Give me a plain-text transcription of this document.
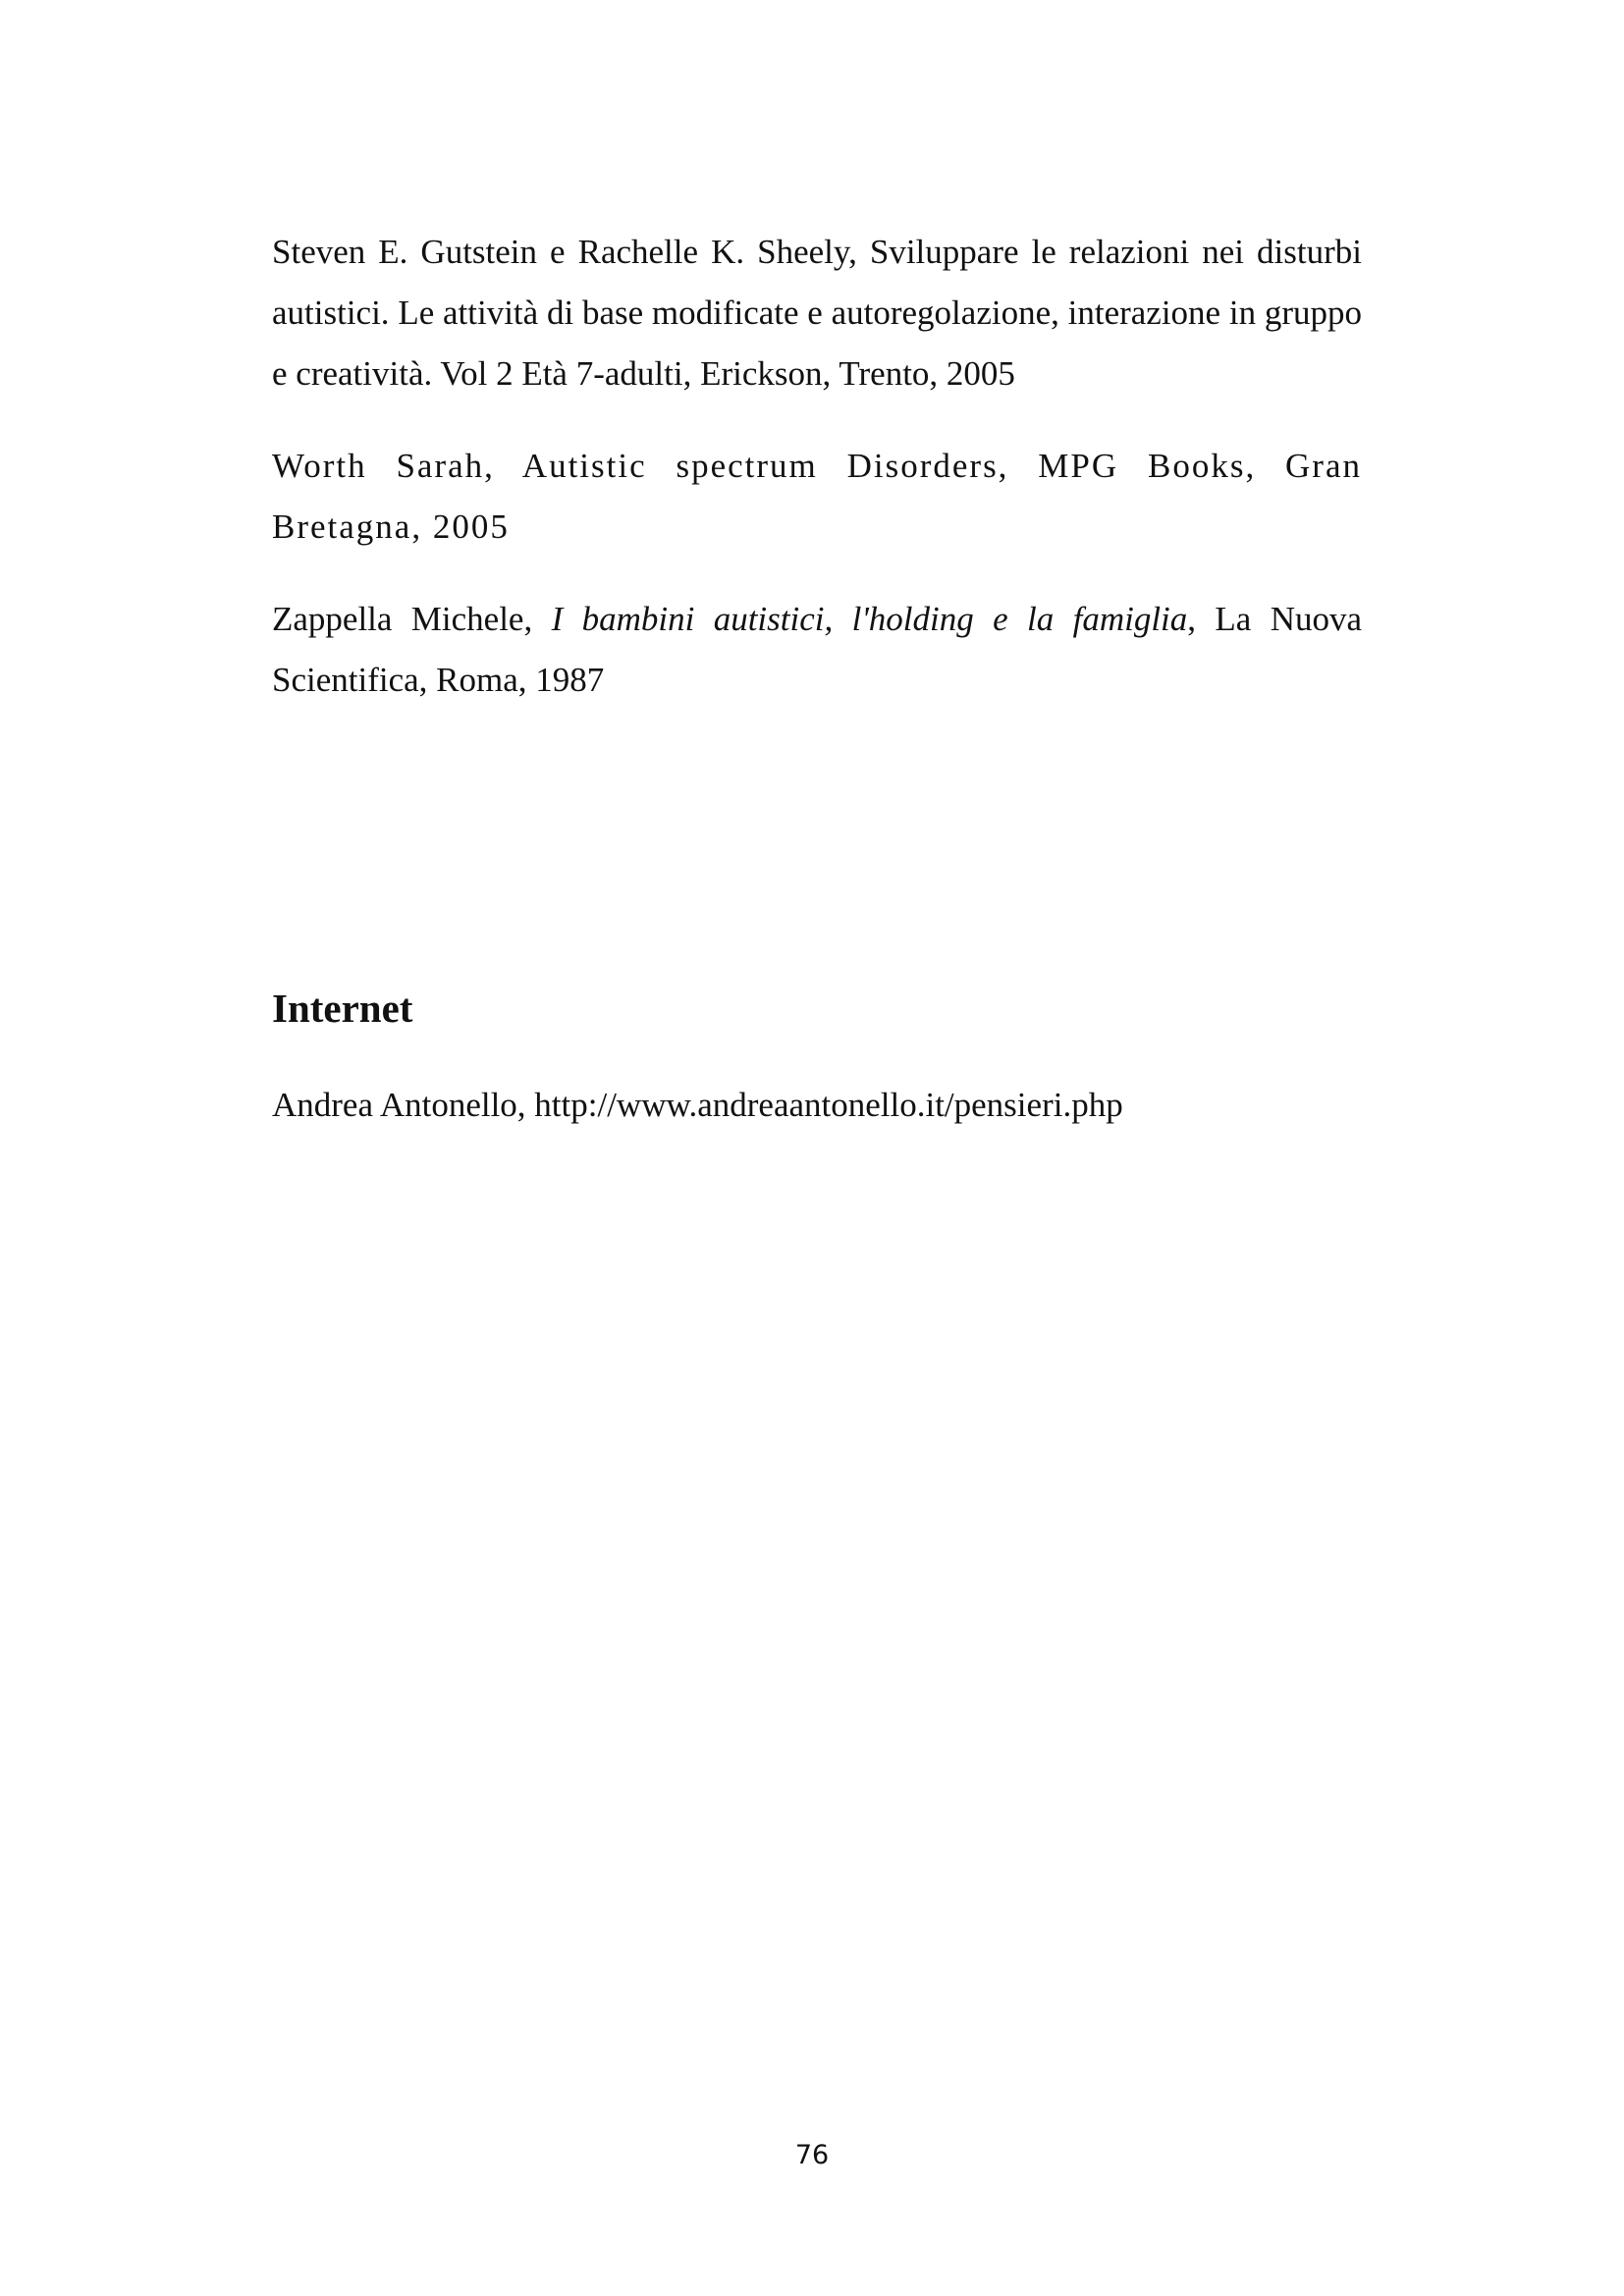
Steven E. Gutstein e Rachelle K. Sheely, Sviluppare le relazioni nei disturbi autistici. Le attività di base modificate e autoregolazione, interazione in gruppo e creatività. Vol 2 Età 7-adulti, Erickson, Trento, 2005

Worth Sarah, Autistic spectrum Disorders, MPG Books, Gran Bretagna, 2005

Zappella Michele, I bambini autistici, l'holding e la famiglia, La Nuova Scientifica, Roma, 1987

Internet

Andrea Antonello, http://www.andreaantonello.it/pensieri.php

76
